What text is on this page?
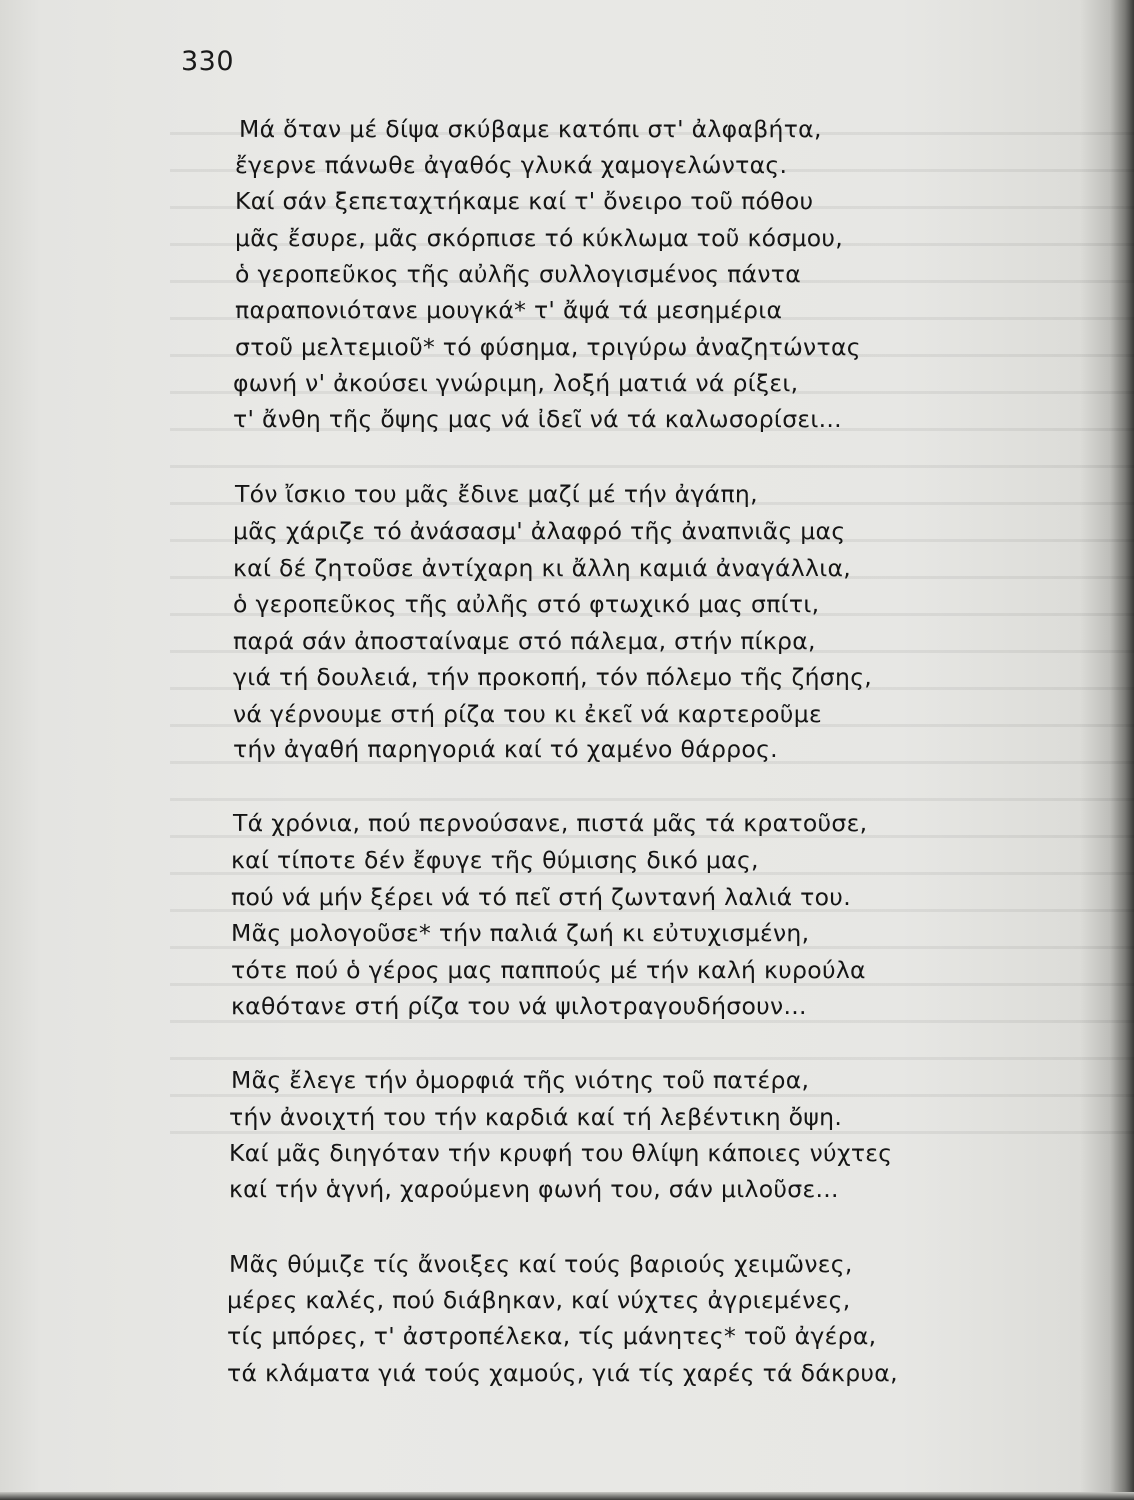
330
Μά ὅταν μέ δίψα σκύβαμε κατόπι στ' ἀλφαβήτα,
ἔγερνε πάνωθε ἀγαθός γλυκά χαμογελώντας.
Καί σάν ξεπεταχτήκαμε καί τ' ὄνειρο τοῦ πόθου
μᾶς ἔσυρε, μᾶς σκόρπισε τό κύκλωμα τοῦ κόσμου,
ὁ γεροπεῦκος τῆς αὐλῆς συλλογισμένος πάντα
παραπονιότανε μουγκά* τ' ἄψά τά μεσημέρια
στοῦ μελτεμιοῦ* τό φύσημα, τριγύρω ἀναζητώντας
φωνή ν' ἀκούσει γνώριμη, λοξή ματιά νά ρίξει,
τ' ἄνθη τῆς ὄψης μας νά ἰδεῖ νά τά καλωσορίσει...
Τόν ἴσκιο του μᾶς ἔδινε μαζί μέ τήν ἀγάπη,
μᾶς χάριζε τό ἀνάσασμ' ἀλαφρό τῆς ἀναπνιᾶς μας
καί δέ ζητοῦσε ἀντίχαρη κι ἄλλη καμιά ἀναγάλλια,
ὁ γεροπεῦκος τῆς αὐλῆς στό φτωχικό μας σπίτι,
παρά σάν ἀποσταίναμε στό πάλεμα, στήν πίκρα,
γιά τή δουλειά, τήν προκοπή, τόν πόλεμο τῆς ζήσης,
νά γέρνουμε στή ρίζα του κι ἐκεῖ νά καρτεροῦμε
τήν ἀγαθή παρηγοριά καί τό χαμένο θάρρος.
Τά χρόνια, πού περνούσανε, πιστά μᾶς τά κρατοῦσε,
καί τίποτε δέν ἔφυγε τῆς θύμισης δικό μας,
πού νά μήν ξέρει νά τό πεῖ στή ζωντανή λαλιά του.
Μᾶς μολογοῦσε* τήν παλιά ζωή κι εὐτυχισμένη,
τότε πού ὁ γέρος μας παππούς μέ τήν καλή κυρούλα
καθότανε στή ρίζα του νά ψιλοτραγουδήσουν...
Μᾶς ἔλεγε τήν ὀμορφιά τῆς νιότης τοῦ πατέρα,
τήν ἀνοιχτή του τήν καρδιά καί τή λεβέντικη ὄψη.
Καί μᾶς διηγόταν τήν κρυφή του θλίψη κάποιες νύχτες
καί τήν ἁγνή, χαρούμενη φωνή του, σάν μιλοῦσε...
Μᾶς θύμιζε τίς ἄνοιξες καί τούς βαριούς χειμῶνες,
μέρες καλές, πού διάβηκαν, καί νύχτες ἀγριεμένες,
τίς μπόρες, τ' ἀστροπέλεκα, τίς μάνητες* τοῦ ἀγέρα,
τά κλάματα γιά τούς χαμούς, γιά τίς χαρές τά δάκρυα,
